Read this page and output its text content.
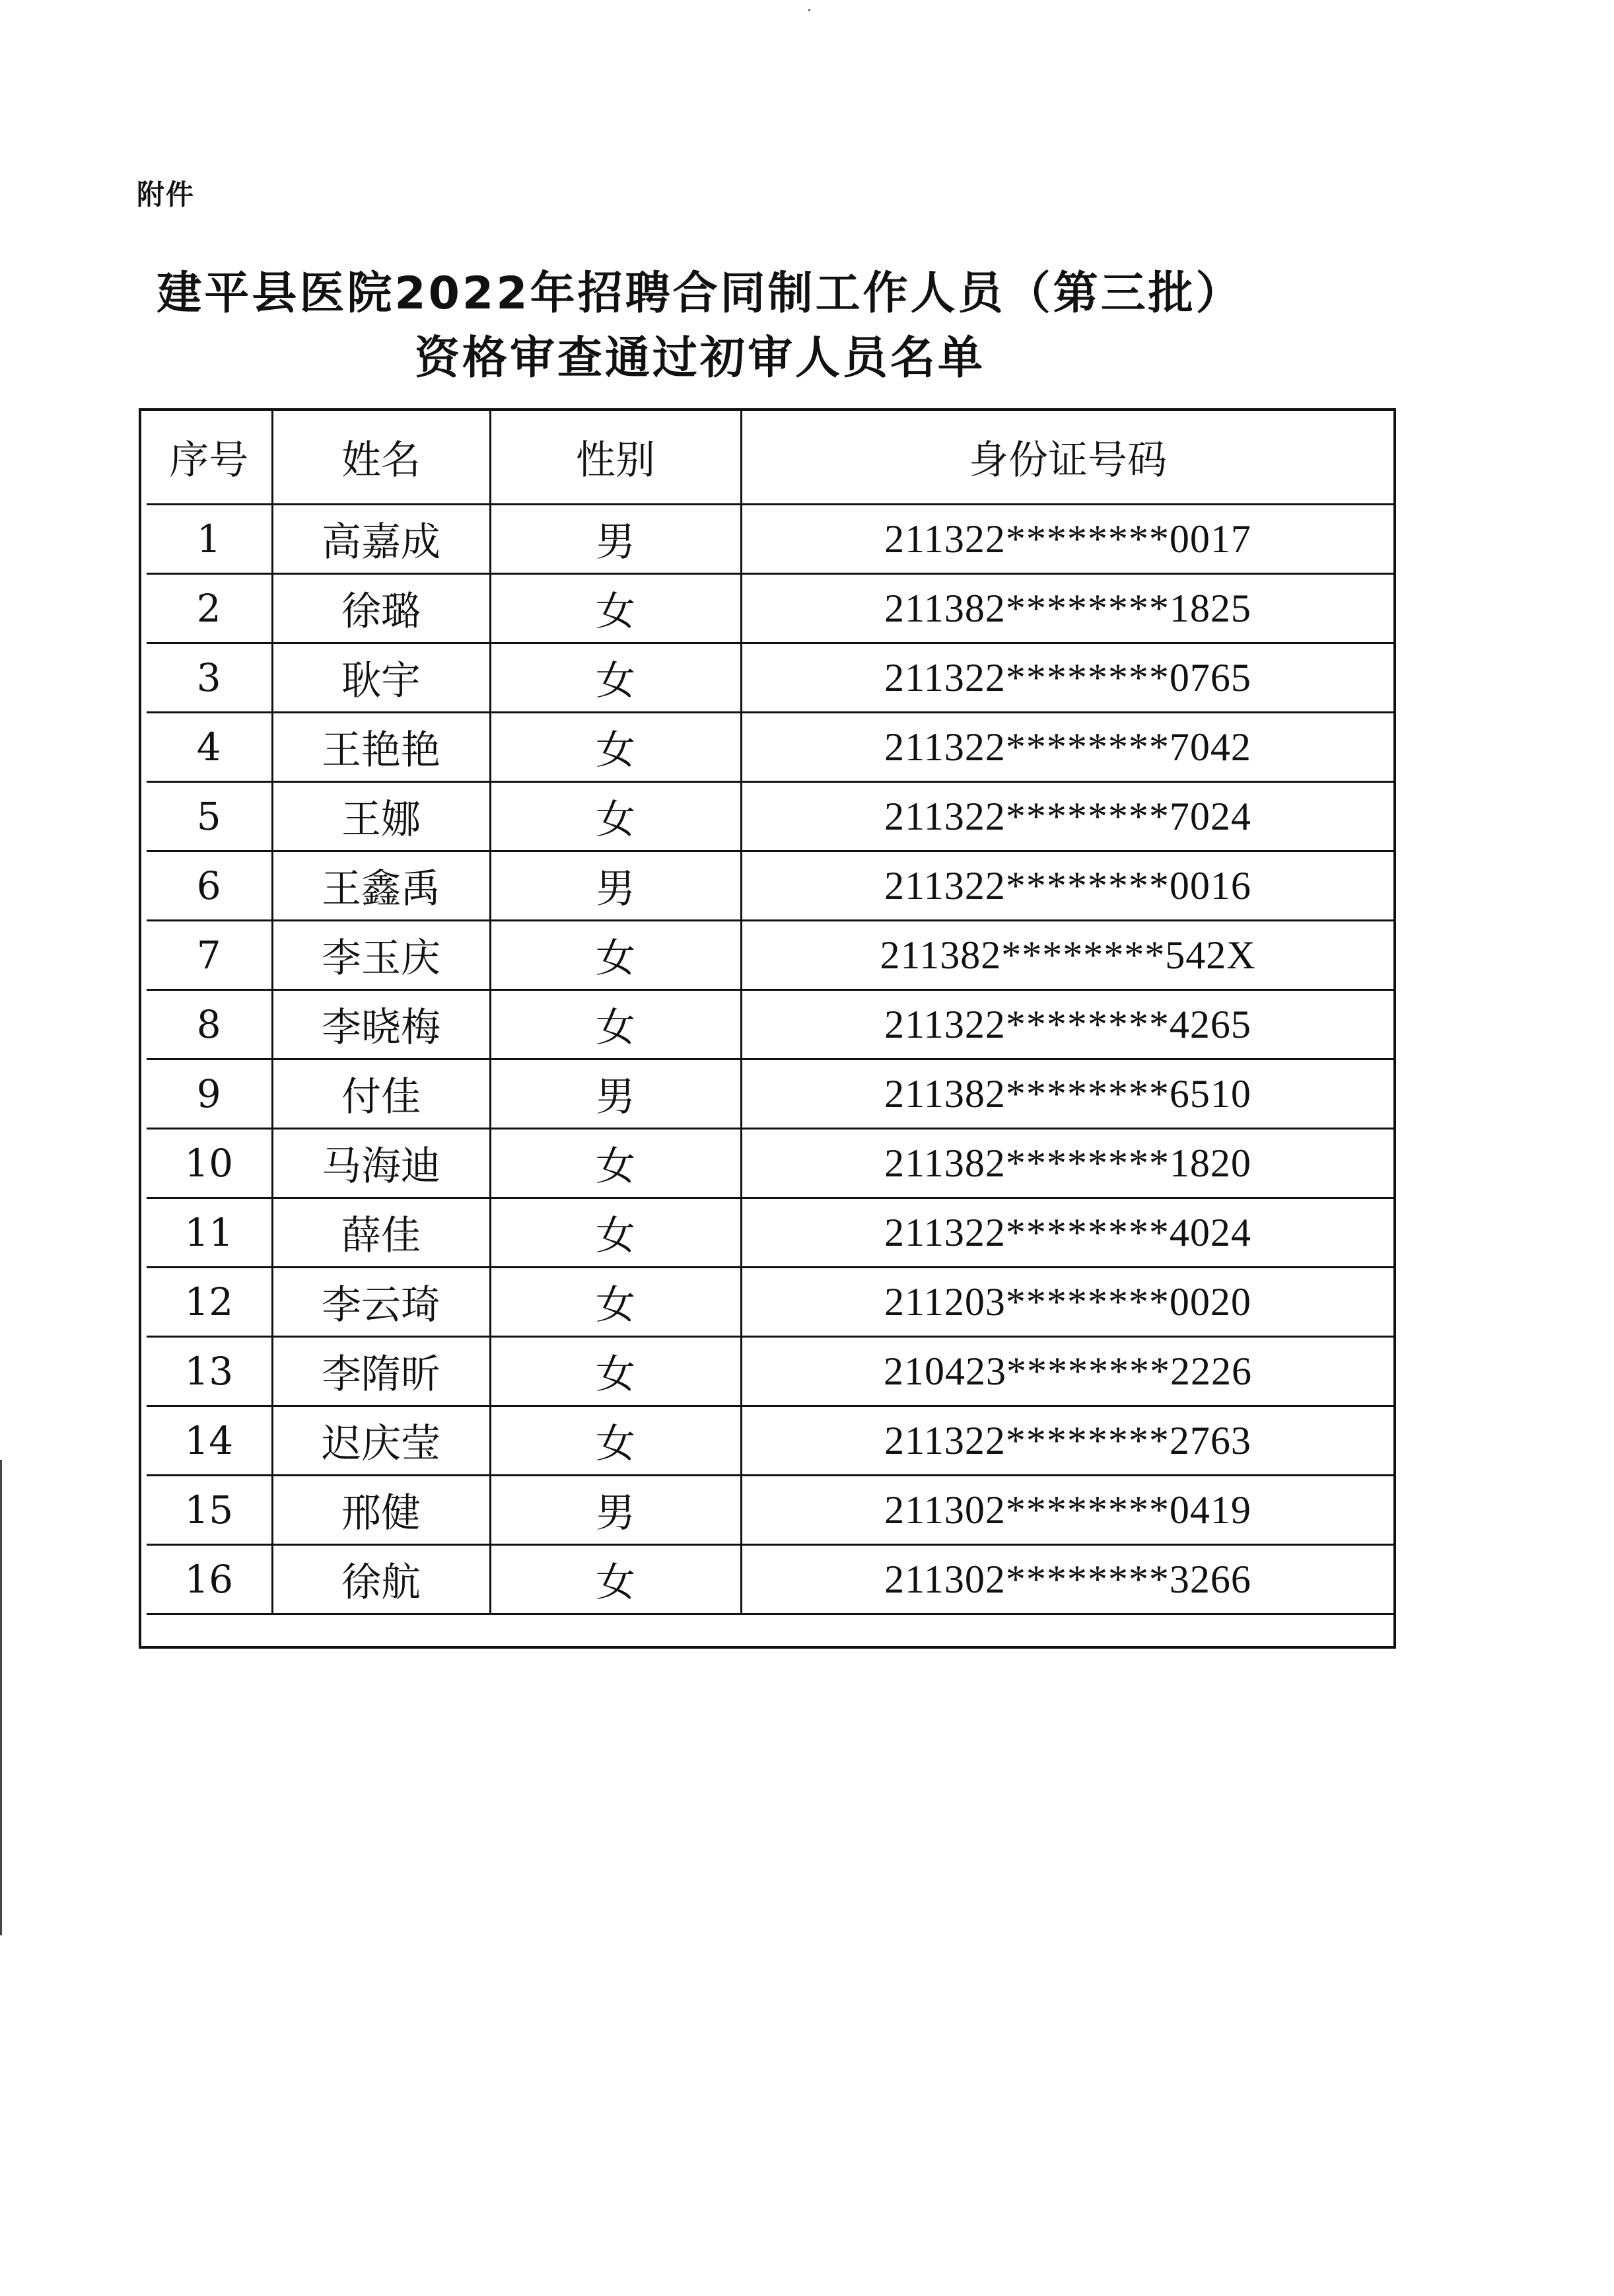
附件
建平县医院2022年招聘合同制工作人员（第三批）
资格审查通过初审人员名单
序号	姓名	性别	身份证号码
1	高嘉成	男	211322********0017
2	徐璐	女	211382********1825
3	耿宇	女	211322********0765
4	王艳艳	女	211322********7042
5	王娜	女	211322********7024
6	王鑫禹	男	211322********0016
7	李玉庆	女	211382********542X
8	李晓梅	女	211322********4265
9	付佳	男	211382********6510
10	马海迪	女	211382********1820
11	薛佳	女	211322********4024
12	李云琦	女	211203********0020
13	李隋昕	女	210423********2226
14	迟庆莹	女	211322********2763
15	邢健	男	211302********0419
16	徐航	女	211302********3266
